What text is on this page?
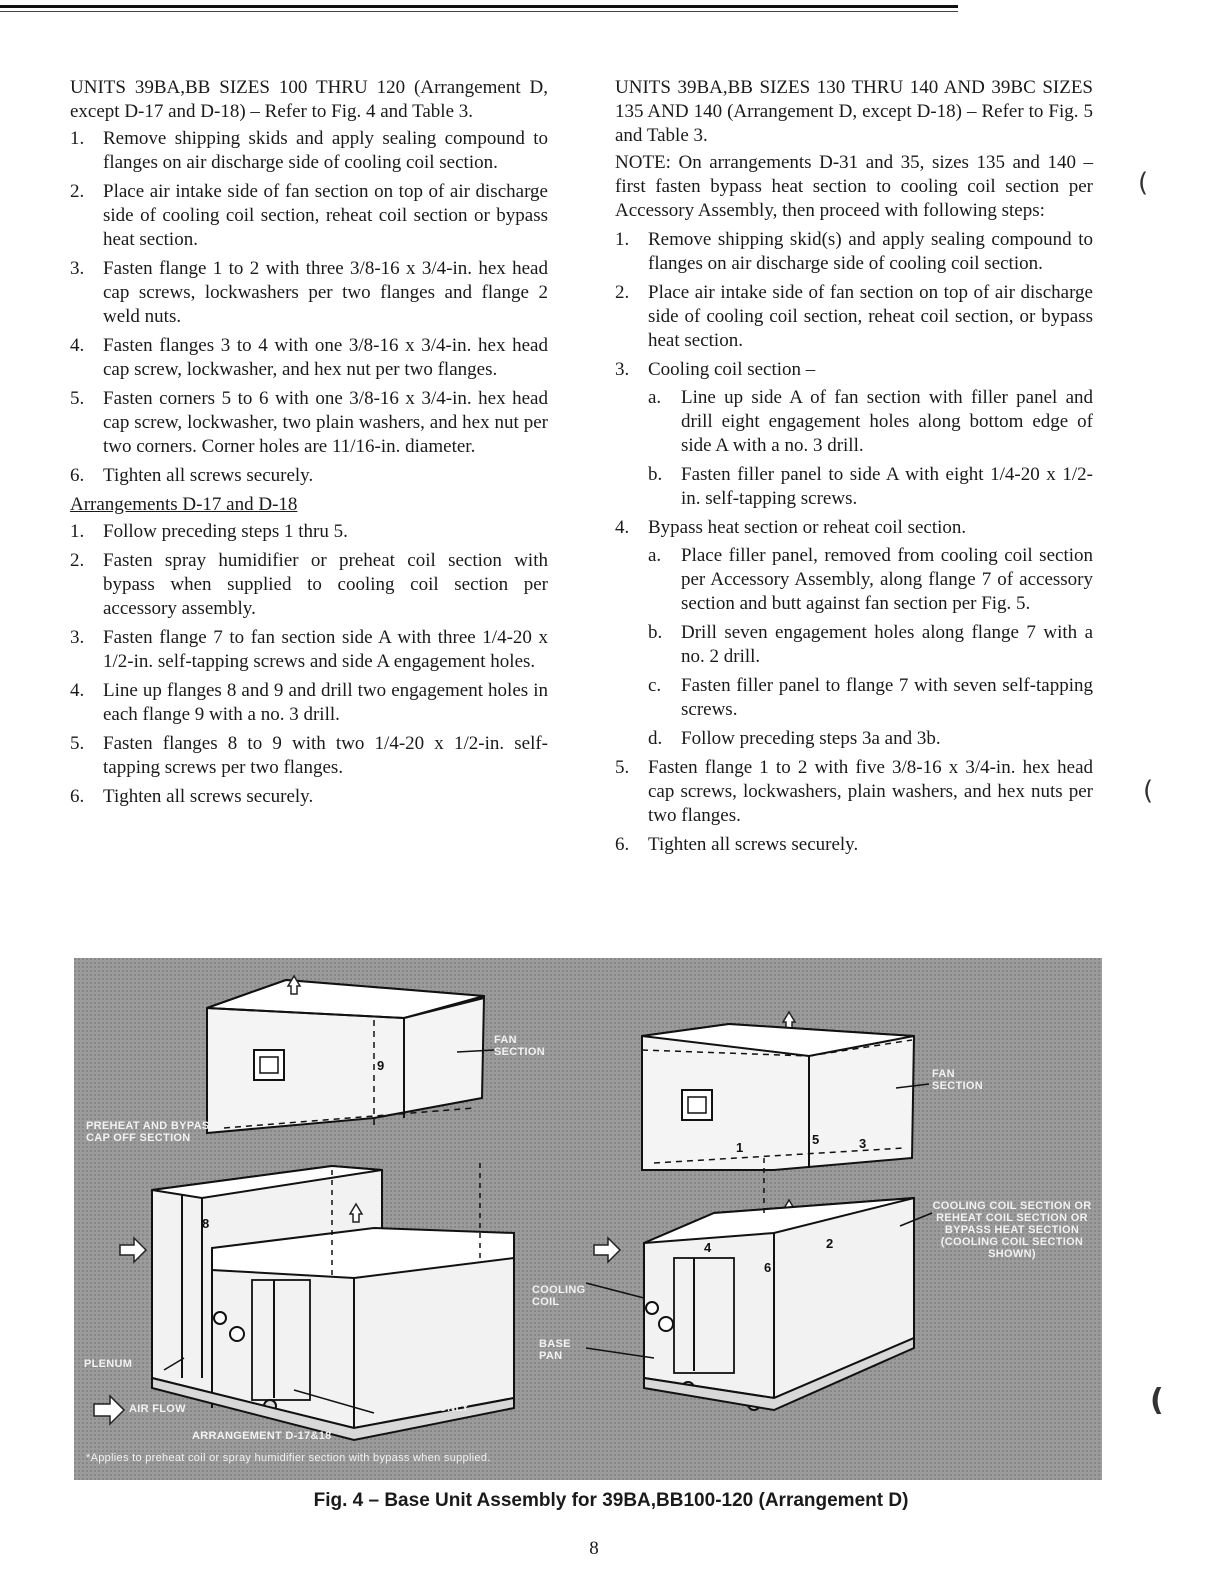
UNITS 39BA,BB SIZES 100 THRU 120 (Arrangement D, except D-17 and D-18) – Refer to Fig. 4 and Table 3.

1. Remove shipping skids and apply sealing compound to flanges on air discharge side of cooling coil section.
2. Place air intake side of fan section on top of air discharge side of cooling coil section, reheat coil section or bypass heat section.
3. Fasten flange 1 to 2 with three 3/8-16 x 3/4-in. hex head cap screws, lockwashers per two flanges and flange 2 weld nuts.
4. Fasten flanges 3 to 4 with one 3/8-16 x 3/4-in. hex head cap screw, lockwasher, and hex nut per two flanges.
5. Fasten corners 5 to 6 with one 3/8-16 x 3/4-in. hex head cap screw, lockwasher, two plain washers, and hex nut per two corners. Corner holes are 11/16-in. diameter.
6. Tighten all screws securely.
Arrangements D-17 and D-18
1. Follow preceding steps 1 thru 5.
2. Fasten spray humidifier or preheat coil section with bypass when supplied to cooling coil section per accessory assembly.
3. Fasten flange 7 to fan section side A with three 1/4-20 x 1/2-in. self-tapping screws and side A engagement holes.
4. Line up flanges 8 and 9 and drill two engagement holes in each flange 9 with a no. 3 drill.
5. Fasten flanges 8 to 9 with two 1/4-20 x 1/2-in. self-tapping screws per two flanges.
6. Tighten all screws securely.

UNITS 39BA,BB SIZES 130 THRU 140 AND 39BC SIZES 135 AND 140 (Arrangement D, except D-18) – Refer to Fig. 5 and Table 3.

NOTE: On arrangements D-31 and 35, sizes 135 and 140 – first fasten bypass heat section to cooling coil section per Accessory Assembly, then proceed with following steps:

1. Remove shipping skid(s) and apply sealing compound to flanges on air discharge side of cooling coil section.
2. Place air intake side of fan section on top of air discharge side of cooling coil section, reheat coil section, or bypass heat section.
3. Cooling coil section –
a. Line up side A of fan section with filler panel and drill eight engagement holes along bottom edge of side A with a no. 3 drill.
b. Fasten filler panel to side A with eight 1/4-20 x 1/2-in. self-tapping screws.
4. Bypass heat section or reheat coil section.
a. Place filler panel, removed from cooling coil section per Accessory Assembly, along flange 7 of accessory section and butt against fan section per Fig. 5.
b. Drill seven engagement holes along flange 7 with a no. 2 drill.
c. Fasten filler panel to flange 7 with seven self-tapping screws.
d. Follow preceding steps 3a and 3b.
5. Fasten flange 1 to 2 with five 3/8-16 x 3/4-in. hex head cap screws, lockwashers, plain washers, and hex nuts per two flanges.
6. Tighten all screws securely.
(
(
(
9
8
1
5	3
4	2
6
FAN SECTION
PREHEAT AND BYPASS CAP OFF SECTION
PLENUM
AIR FLOW
COOLING COIL SECTION ONLY
ARRANGEMENT D-17&18
*Applies to preheat coil or spray humidifier section with bypass when supplied.
FAN SECTION
COOLING COIL
BASE PAN
COOLING COIL SECTION OR REHEAT COIL SECTION OR BYPASS HEAT SECTION (COOLING COIL SECTION SHOWN)
Fig. 4 – Base Unit Assembly for 39BA,BB100-120 (Arrangement D)
8
